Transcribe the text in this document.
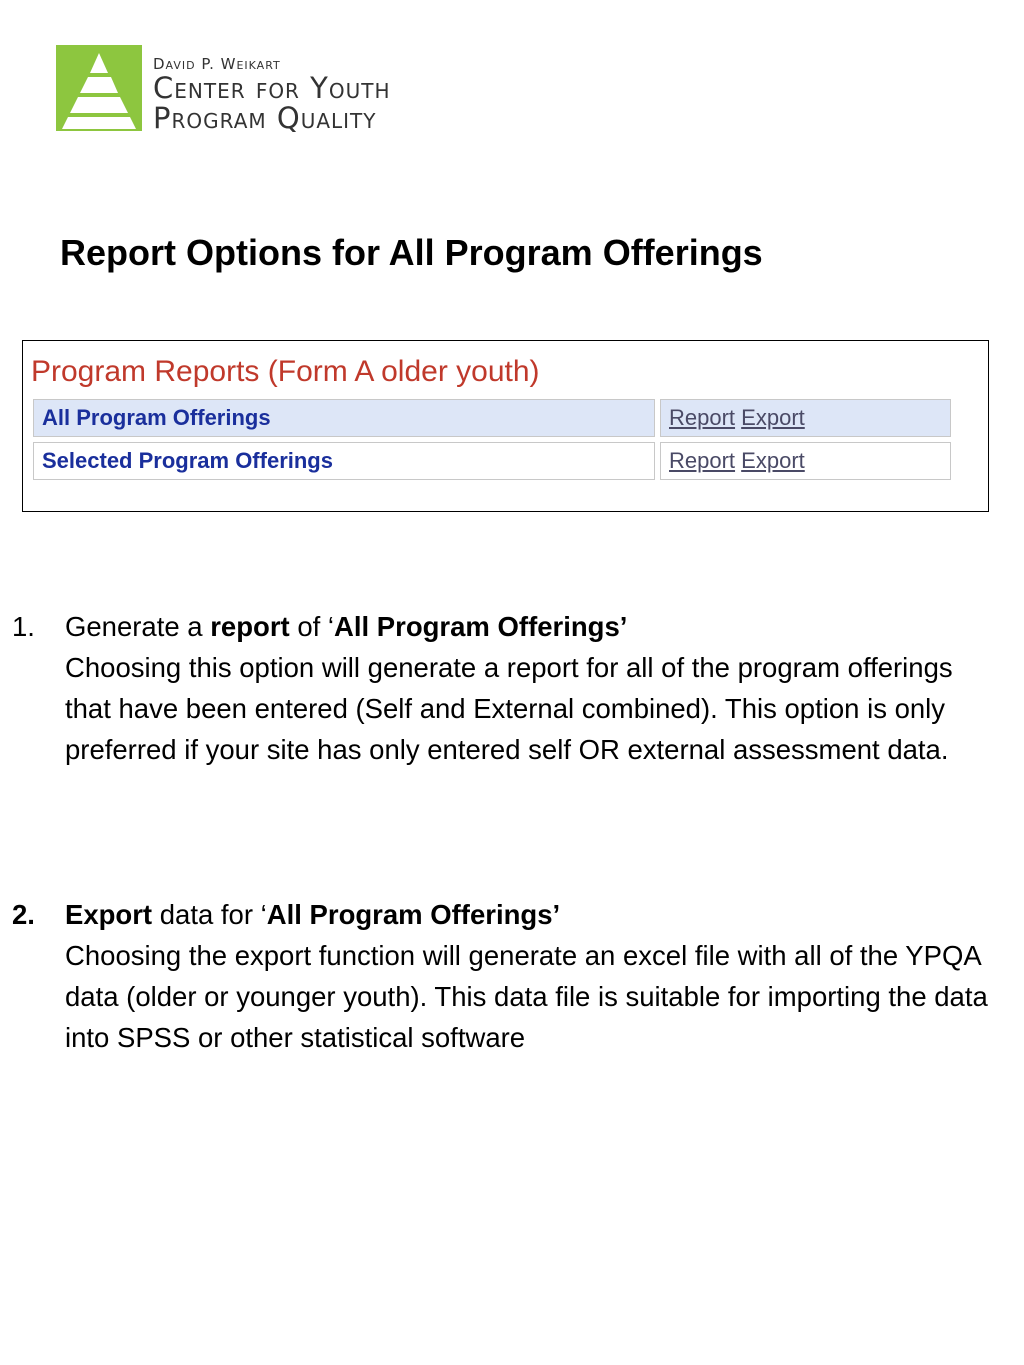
David P. Weikart
Center for Youth
Program Quality
Report Options for All Program Offerings
Program Reports (Form A older youth)
All Program Offerings	Report Export
Selected Program Offerings	Report Export
1. Generate a report of ‘All Program Offerings’
Choosing this option will generate a report for all of the program offerings that have been entered (Self and External combined). This option is only preferred if your site has only entered self OR external assessment data.
2. Export data for ‘All Program Offerings’
Choosing the export function will generate an excel file with all of the YPQA data (older or younger youth). This data file is suitable for importing the data into SPSS or other statistical software
